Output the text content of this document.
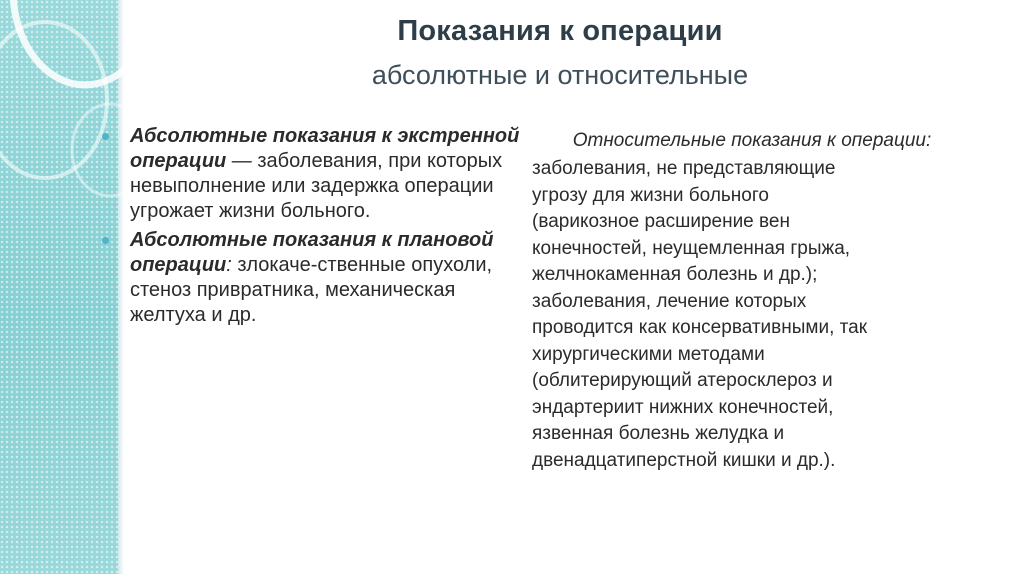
Показания к операции
абсолютные и относительные
Абсолютные показания к экстренной операции — заболевания, при которых невыполнение или задержка операции угрожает жизни больного.
Абсолютные показания к плановой операции: злокаче-ственные опухоли, стеноз привратника, механическая желтуха и др.
Относительные показания к операции:
заболевания, не представляющие
угрозу для жизни больного
(варикозное расширение вен
конечностей, неущемленная грыжа,
желчнокаменная болезнь и др.);
заболевания, лечение которых
проводится как консервативными, так
хирургическими методами
(облитерирующий атеросклероз и
эндартериит нижних конечностей,
язвенная болезнь желудка и
двенадцатиперстной кишки и др.).
